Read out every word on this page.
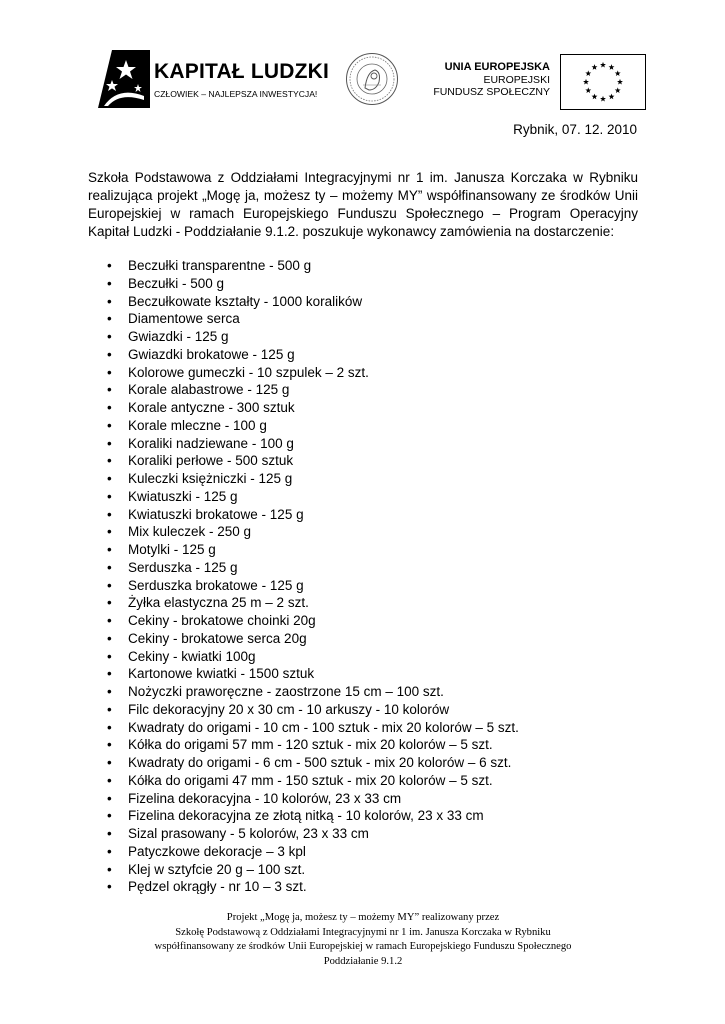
KAPITAŁ LUDZKI
CZŁOWIEK – NAJLEPSZA INWESTYCJA!
UNIA EUROPEJSKA
EUROPEJSKI
FUNDUSZ SPOŁECZNY
Rybnik, 07. 12. 2010
Szkoła Podstawowa z Oddziałami Integracyjnymi nr 1 im. Janusza Korczaka w Rybniku realizująca projekt „Mogę ja, możesz ty – możemy MY” współfinansowany ze środków Unii Europejskiej w ramach Europejskiego Funduszu Społecznego – Program Operacyjny Kapitał Ludzki - Poddziałanie 9.1.2. poszukuje wykonawcy zamówienia na dostarczenie:
• Beczułki transparentne - 500 g
• Beczułki - 500 g
• Beczułkowate kształty - 1000 koralików
• Diamentowe serca
• Gwiazdki - 125 g
• Gwiazdki brokatowe - 125 g
• Kolorowe gumeczki - 10 szpulek – 2 szt.
• Korale alabastrowe - 125 g
• Korale antyczne - 300 sztuk
• Korale mleczne - 100 g
• Koraliki nadziewane - 100 g
• Koraliki perłowe - 500 sztuk
• Kuleczki księżniczki - 125 g
• Kwiatuszki - 125 g
• Kwiatuszki brokatowe - 125 g
• Mix kuleczek - 250 g
• Motylki - 125 g
• Serduszka - 125 g
• Serduszka brokatowe - 125 g
• Żyłka elastyczna 25 m – 2 szt.
• Cekiny - brokatowe choinki 20g
• Cekiny - brokatowe serca 20g
• Cekiny - kwiatki 100g
• Kartonowe kwiatki - 1500 sztuk
• Nożyczki praworęczne - zaostrzone 15 cm – 100 szt.
• Filc dekoracyjny 20 x 30 cm - 10 arkuszy - 10 kolorów
• Kwadraty do origami - 10 cm - 100 sztuk - mix 20 kolorów – 5 szt.
• Kółka do origami 57 mm - 120 sztuk - mix 20 kolorów – 5 szt.
• Kwadraty do origami - 6 cm - 500 sztuk - mix 20 kolorów – 6 szt.
• Kółka do origami 47 mm - 150 sztuk - mix 20 kolorów – 5 szt.
• Fizelina dekoracyjna - 10 kolorów, 23 x 33 cm
• Fizelina dekoracyjna ze złotą nitką - 10 kolorów, 23 x 33 cm
• Sizal prasowany - 5 kolorów, 23 x 33 cm
• Patyczkowe dekoracje – 3 kpl
• Klej w sztyfcie 20 g – 100 szt.
• Pędzel okrągły - nr 10 – 3 szt.
Projekt „Mogę ja, możesz ty – możemy MY” realizowany przez
Szkołę Podstawową z Oddziałami Integracyjnymi nr 1 im. Janusza Korczaka w Rybniku
współfinansowany ze środków Unii Europejskiej w ramach Europejskiego Funduszu Społecznego
Poddziałanie 9.1.2
